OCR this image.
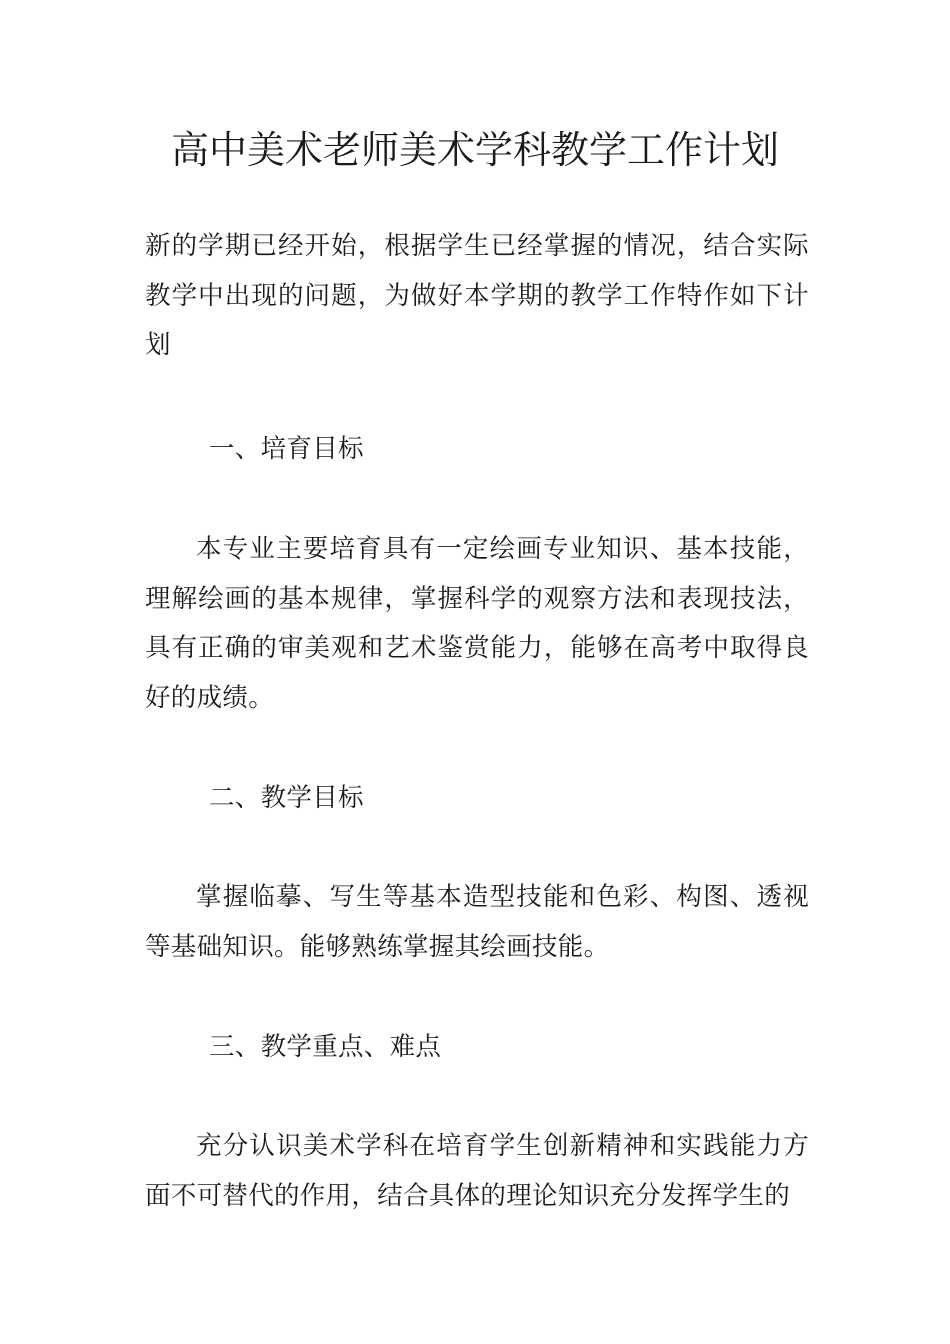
高中美术老师美术学科教学工作计划

新的学期已经开始，根据学生已经掌握的情况，结合实际教学中出现的问题，为做好本学期的教学工作特作如下计划

一、培育目标

本专业主要培育具有一定绘画专业知识、基本技能，理解绘画的基本规律，掌握科学的观察方法和表现技法，具有正确的审美观和艺术鉴赏能力，能够在高考中取得良好的成绩。

二、教学目标

掌握临摹、写生等基本造型技能和色彩、构图、透视等基础知识。能够熟练掌握其绘画技能。

三、教学重点、难点

充分认识美术学科在培育学生创新精神和实践能力方面不可替代的作用，结合具体的理论知识充分发挥学生的
